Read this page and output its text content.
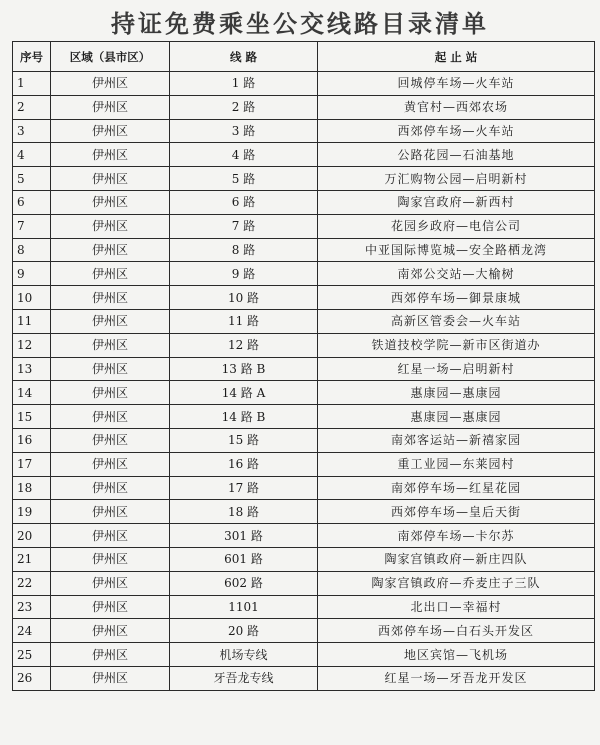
持证免费乘坐公交线路目录清单
序号	区域（县市区）	线 路	起 止 站
1	伊州区	1 路	回城停车场—火车站
2	伊州区	2 路	黄官村—西郊农场
3	伊州区	3 路	西郊停车场—火车站
4	伊州区	4 路	公路花园—石油基地
5	伊州区	5 路	万汇购物公园—启明新村
6	伊州区	6 路	陶家宫政府—新西村
7	伊州区	7 路	花园乡政府—电信公司
8	伊州区	8 路	中亚国际博览城—安全路栖龙湾
9	伊州区	9 路	南郊公交站—大榆树
10	伊州区	10 路	西郊停车场—御景康城
11	伊州区	11 路	高新区管委会—火车站
12	伊州区	12 路	铁道技校学院—新市区街道办
13	伊州区	13 路 B	红星一场—启明新村
14	伊州区	14 路 A	惠康园—惠康园
15	伊州区	14 路 B	惠康园—惠康园
16	伊州区	15 路	南郊客运站—新禧家园
17	伊州区	16 路	重工业园—东莱园村
18	伊州区	17 路	南郊停车场—红星花园
19	伊州区	18 路	西郊停车场—皇后天街
20	伊州区	301 路	南郊停车场—卡尔苏
21	伊州区	601 路	陶家宫镇政府—新庄四队
22	伊州区	602 路	陶家宫镇政府—乔麦庄子三队
23	伊州区	1101	北出口—幸福村
24	伊州区	20 路	西郊停车场—白石头开发区
25	伊州区	机场专线	地区宾馆—飞机场
26	伊州区	牙吾龙专线	红星一场—牙吾龙开发区
